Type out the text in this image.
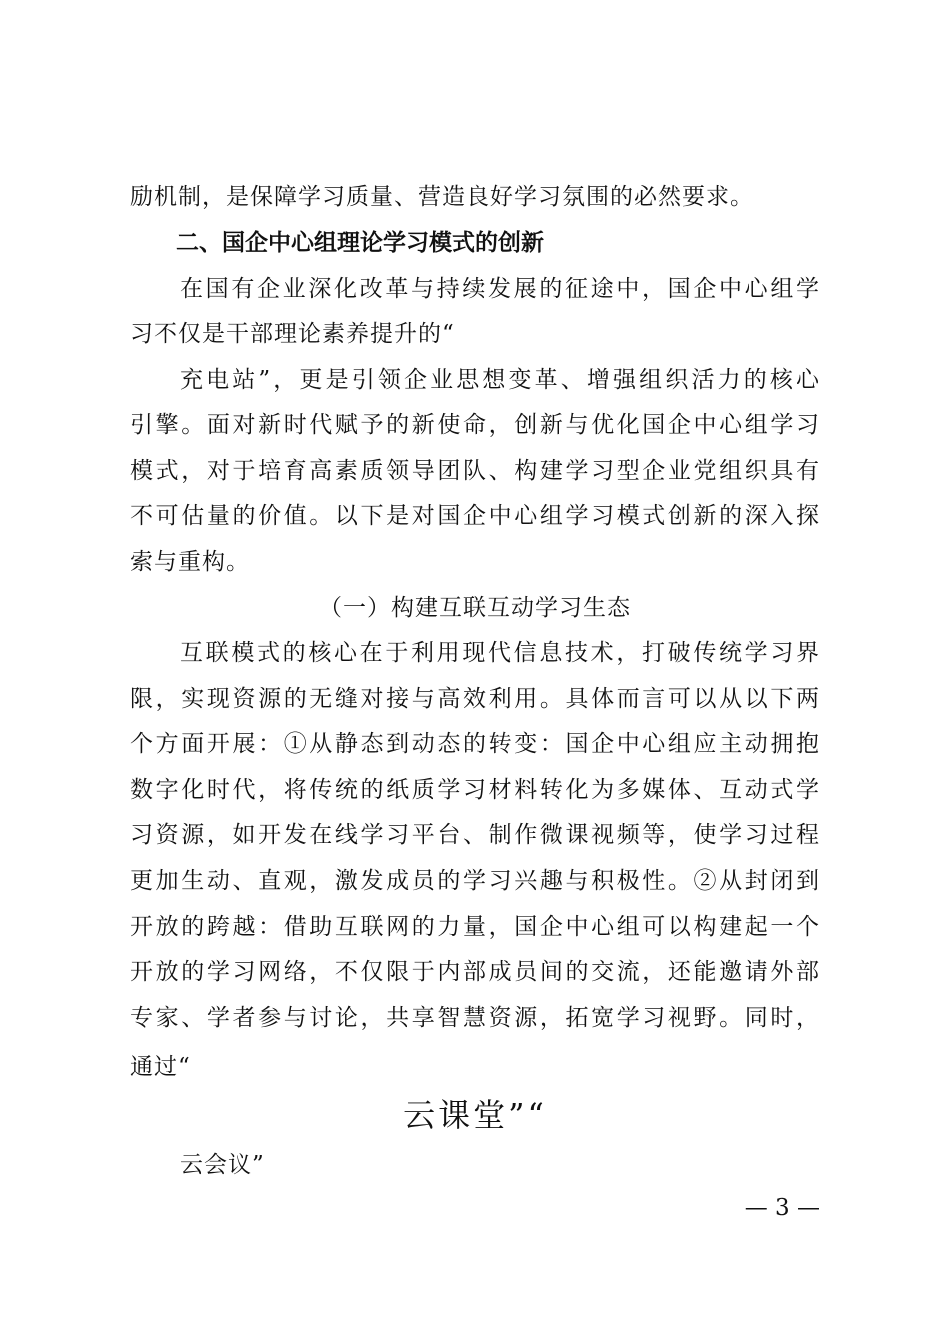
励机制，是保障学习质量、营造良好学习氛围的必然要求。
二、国企中心组理论学习模式的创新
在国有企业深化改革与持续发展的征途中，国企中心组学
习不仅是干部理论素养提升的“
充电站”，更是引领企业思想变革、增强组织活力的核心
引擎。面对新时代赋予的新使命，创新与优化国企中心组学习
模式，对于培育高素质领导团队、构建学习型企业党组织具有
不可估量的价值。以下是对国企中心组学习模式创新的深入探
索与重构。
（一）构建互联互动学习生态
互联模式的核心在于利用现代信息技术，打破传统学习界
限，实现资源的无缝对接与高效利用。具体而言可以从以下两
个方面开展：①从静态到动态的转变：国企中心组应主动拥抱
数字化时代，将传统的纸质学习材料转化为多媒体、互动式学
习资源，如开发在线学习平台、制作微课视频等，使学习过程
更加生动、直观，激发成员的学习兴趣与积极性。②从封闭到
开放的跨越：借助互联网的力量，国企中心组可以构建起一个
开放的学习网络，不仅限于内部成员间的交流，还能邀请外部
专家、学者参与讨论，共享智慧资源，拓宽学习视野。同时，
通过“
云课堂”“
云会议”
— 3 —
